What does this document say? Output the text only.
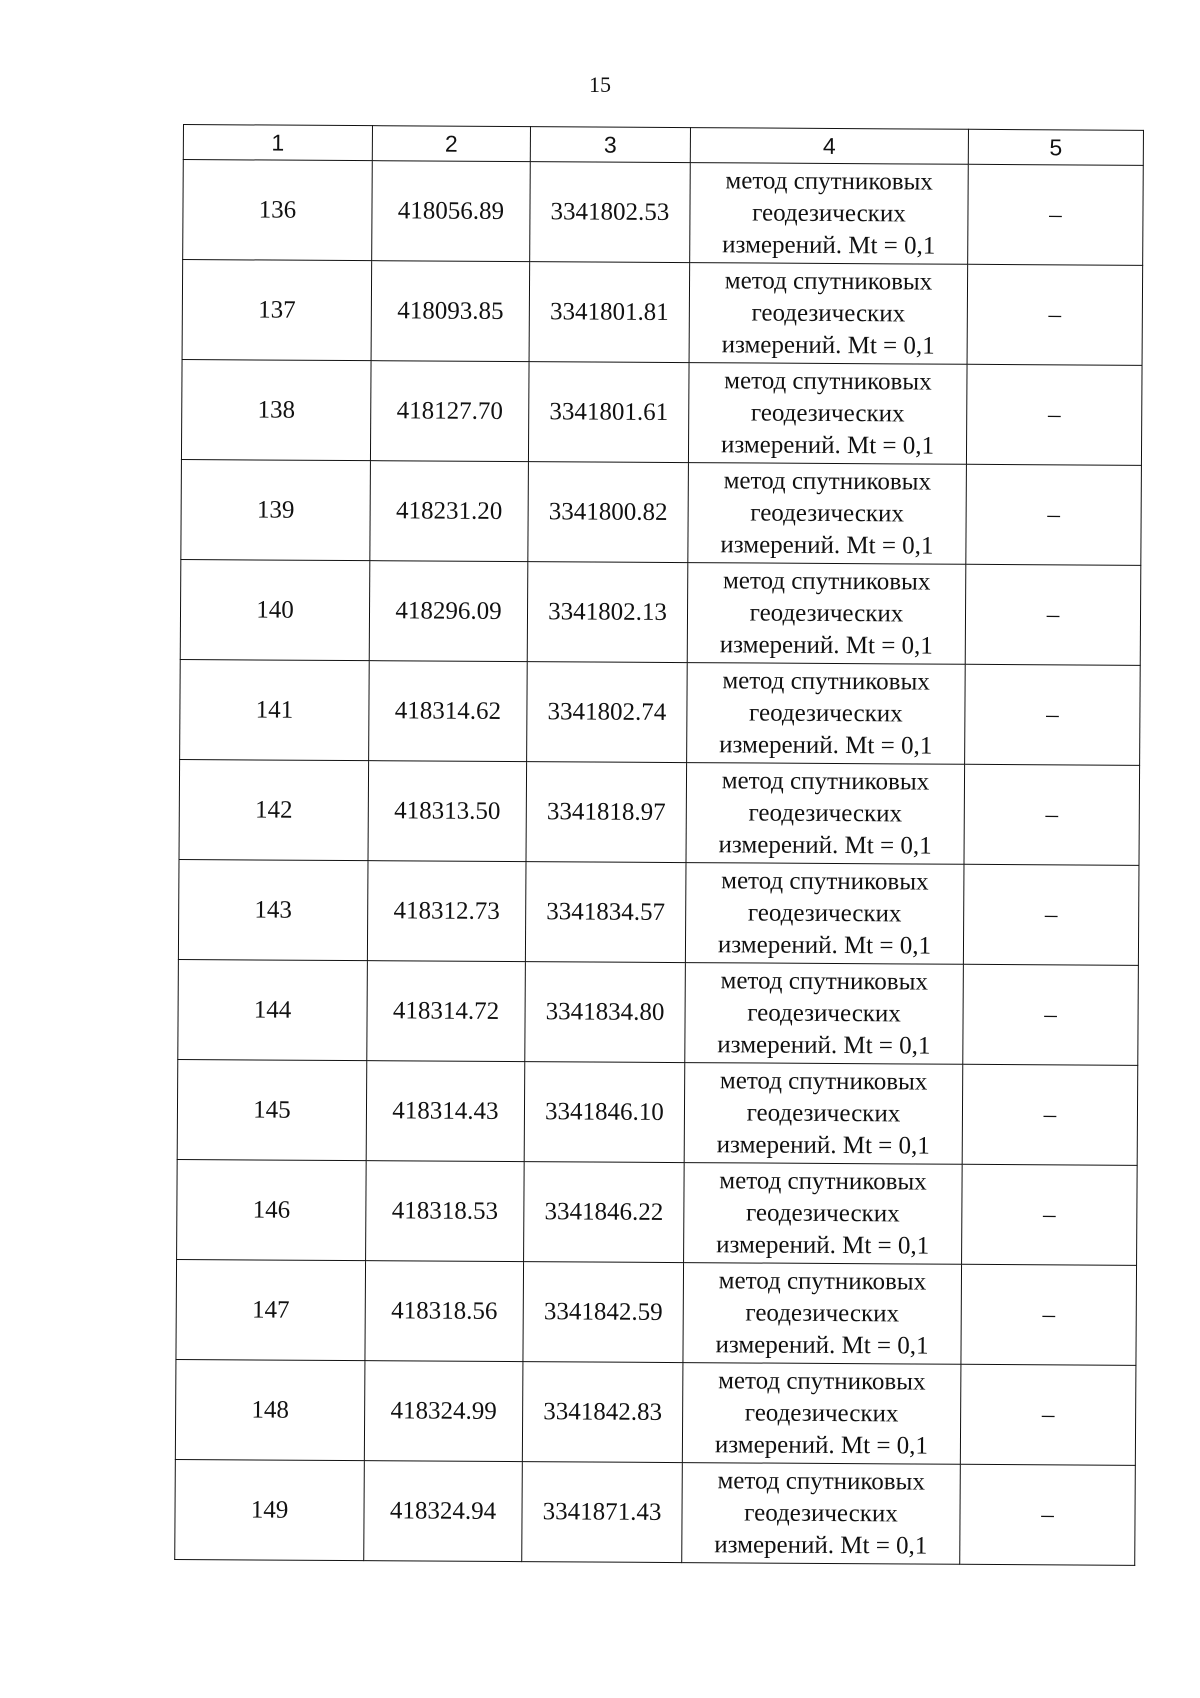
15
1	2	3	4	5
136	418056.89	3341802.53	метод спутниковых
геодезических
измерений. Mt = 0,1	–
137	418093.85	3341801.81	метод спутниковых
геодезических
измерений. Mt = 0,1	–
138	418127.70	3341801.61	метод спутниковых
геодезических
измерений. Mt = 0,1	–
139	418231.20	3341800.82	метод спутниковых
геодезических
измерений. Mt = 0,1	–
140	418296.09	3341802.13	метод спутниковых
геодезических
измерений. Mt = 0,1	–
141	418314.62	3341802.74	метод спутниковых
геодезических
измерений. Mt = 0,1	–
142	418313.50	3341818.97	метод спутниковых
геодезических
измерений. Mt = 0,1	–
143	418312.73	3341834.57	метод спутниковых
геодезических
измерений. Mt = 0,1	–
144	418314.72	3341834.80	метод спутниковых
геодезических
измерений. Mt = 0,1	–
145	418314.43	3341846.10	метод спутниковых
геодезических
измерений. Mt = 0,1	–
146	418318.53	3341846.22	метод спутниковых
геодезических
измерений. Mt = 0,1	–
147	418318.56	3341842.59	метод спутниковых
геодезических
измерений. Mt = 0,1	–
148	418324.99	3341842.83	метод спутниковых
геодезических
измерений. Mt = 0,1	–
149	418324.94	3341871.43	метод спутниковых
геодезических
измерений. Mt = 0,1	–
